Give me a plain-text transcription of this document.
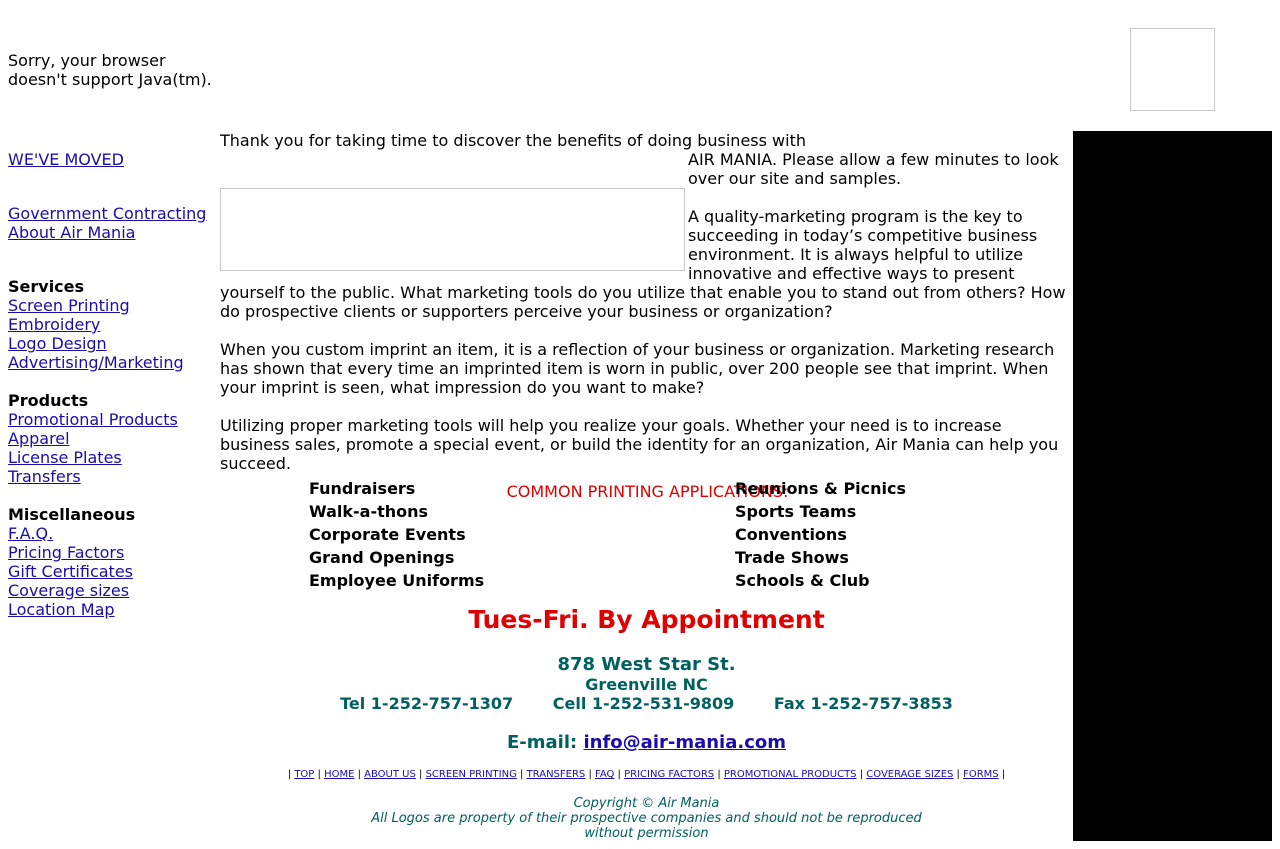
Sorry, your browser
doesn't support Java(tm).
WE'VE MOVED
Government Contracting
About Air Mania
Services
Screen Printing
Embroidery
Logo Design
Advertising/Marketing
Products
Promotional Products
Apparel
License Plates
Transfers
Miscellaneous
F.A.Q.
Pricing Factors
Gift Certificates
Coverage sizes
Location Map

Thank you for taking time to discover the benefits of doing business with

AIR MANIA. Please allow a few minutes to look over our site and samples.

A quality-marketing program is the key to succeeding in today’s competitive business environment. It is always helpful to utilize innovative and effective ways to present yourself to the public. What marketing tools do you utilize that enable you to stand out from others? How do prospective clients or supporters perceive your business or organization?

When you custom imprint an item, it is a reflection of your business or organization. Marketing research has shown that every time an imprinted item is worn in public, over 200 people see that imprint. When your imprint is seen, what impression do you want to make?

Utilizing proper marketing tools will help you realize your goals. Whether your need is to increase business sales, promote a special event, or build the identity for an organization, Air Mania can help you succeed.

COMMON PRINTING APPLICATIONS:
Fundraisers	Reunions & Picnics
Walk-a-thons	Sports Teams
Corporate Events	Conventions
Grand Openings	Trade Shows
Employee Uniforms	Schools & Club
Tues-Fri. By Appointment
878 West Star St.
Greenville NC
Tel 1-252-757-1307 Cell 1-252-531-9809 Fax 1-252-757-3853
E-mail: info@air-mania.com
| TOP | HOME | ABOUT US | SCREEN PRINTING | TRANSFERS | FAQ | PRICING FACTORS | PROMOTIONAL PRODUCTS | COVERAGE SIZES | FORMS |
Copyright © Air Mania
All Logos are property of their prospective companies and should not be reproduced
without permission
